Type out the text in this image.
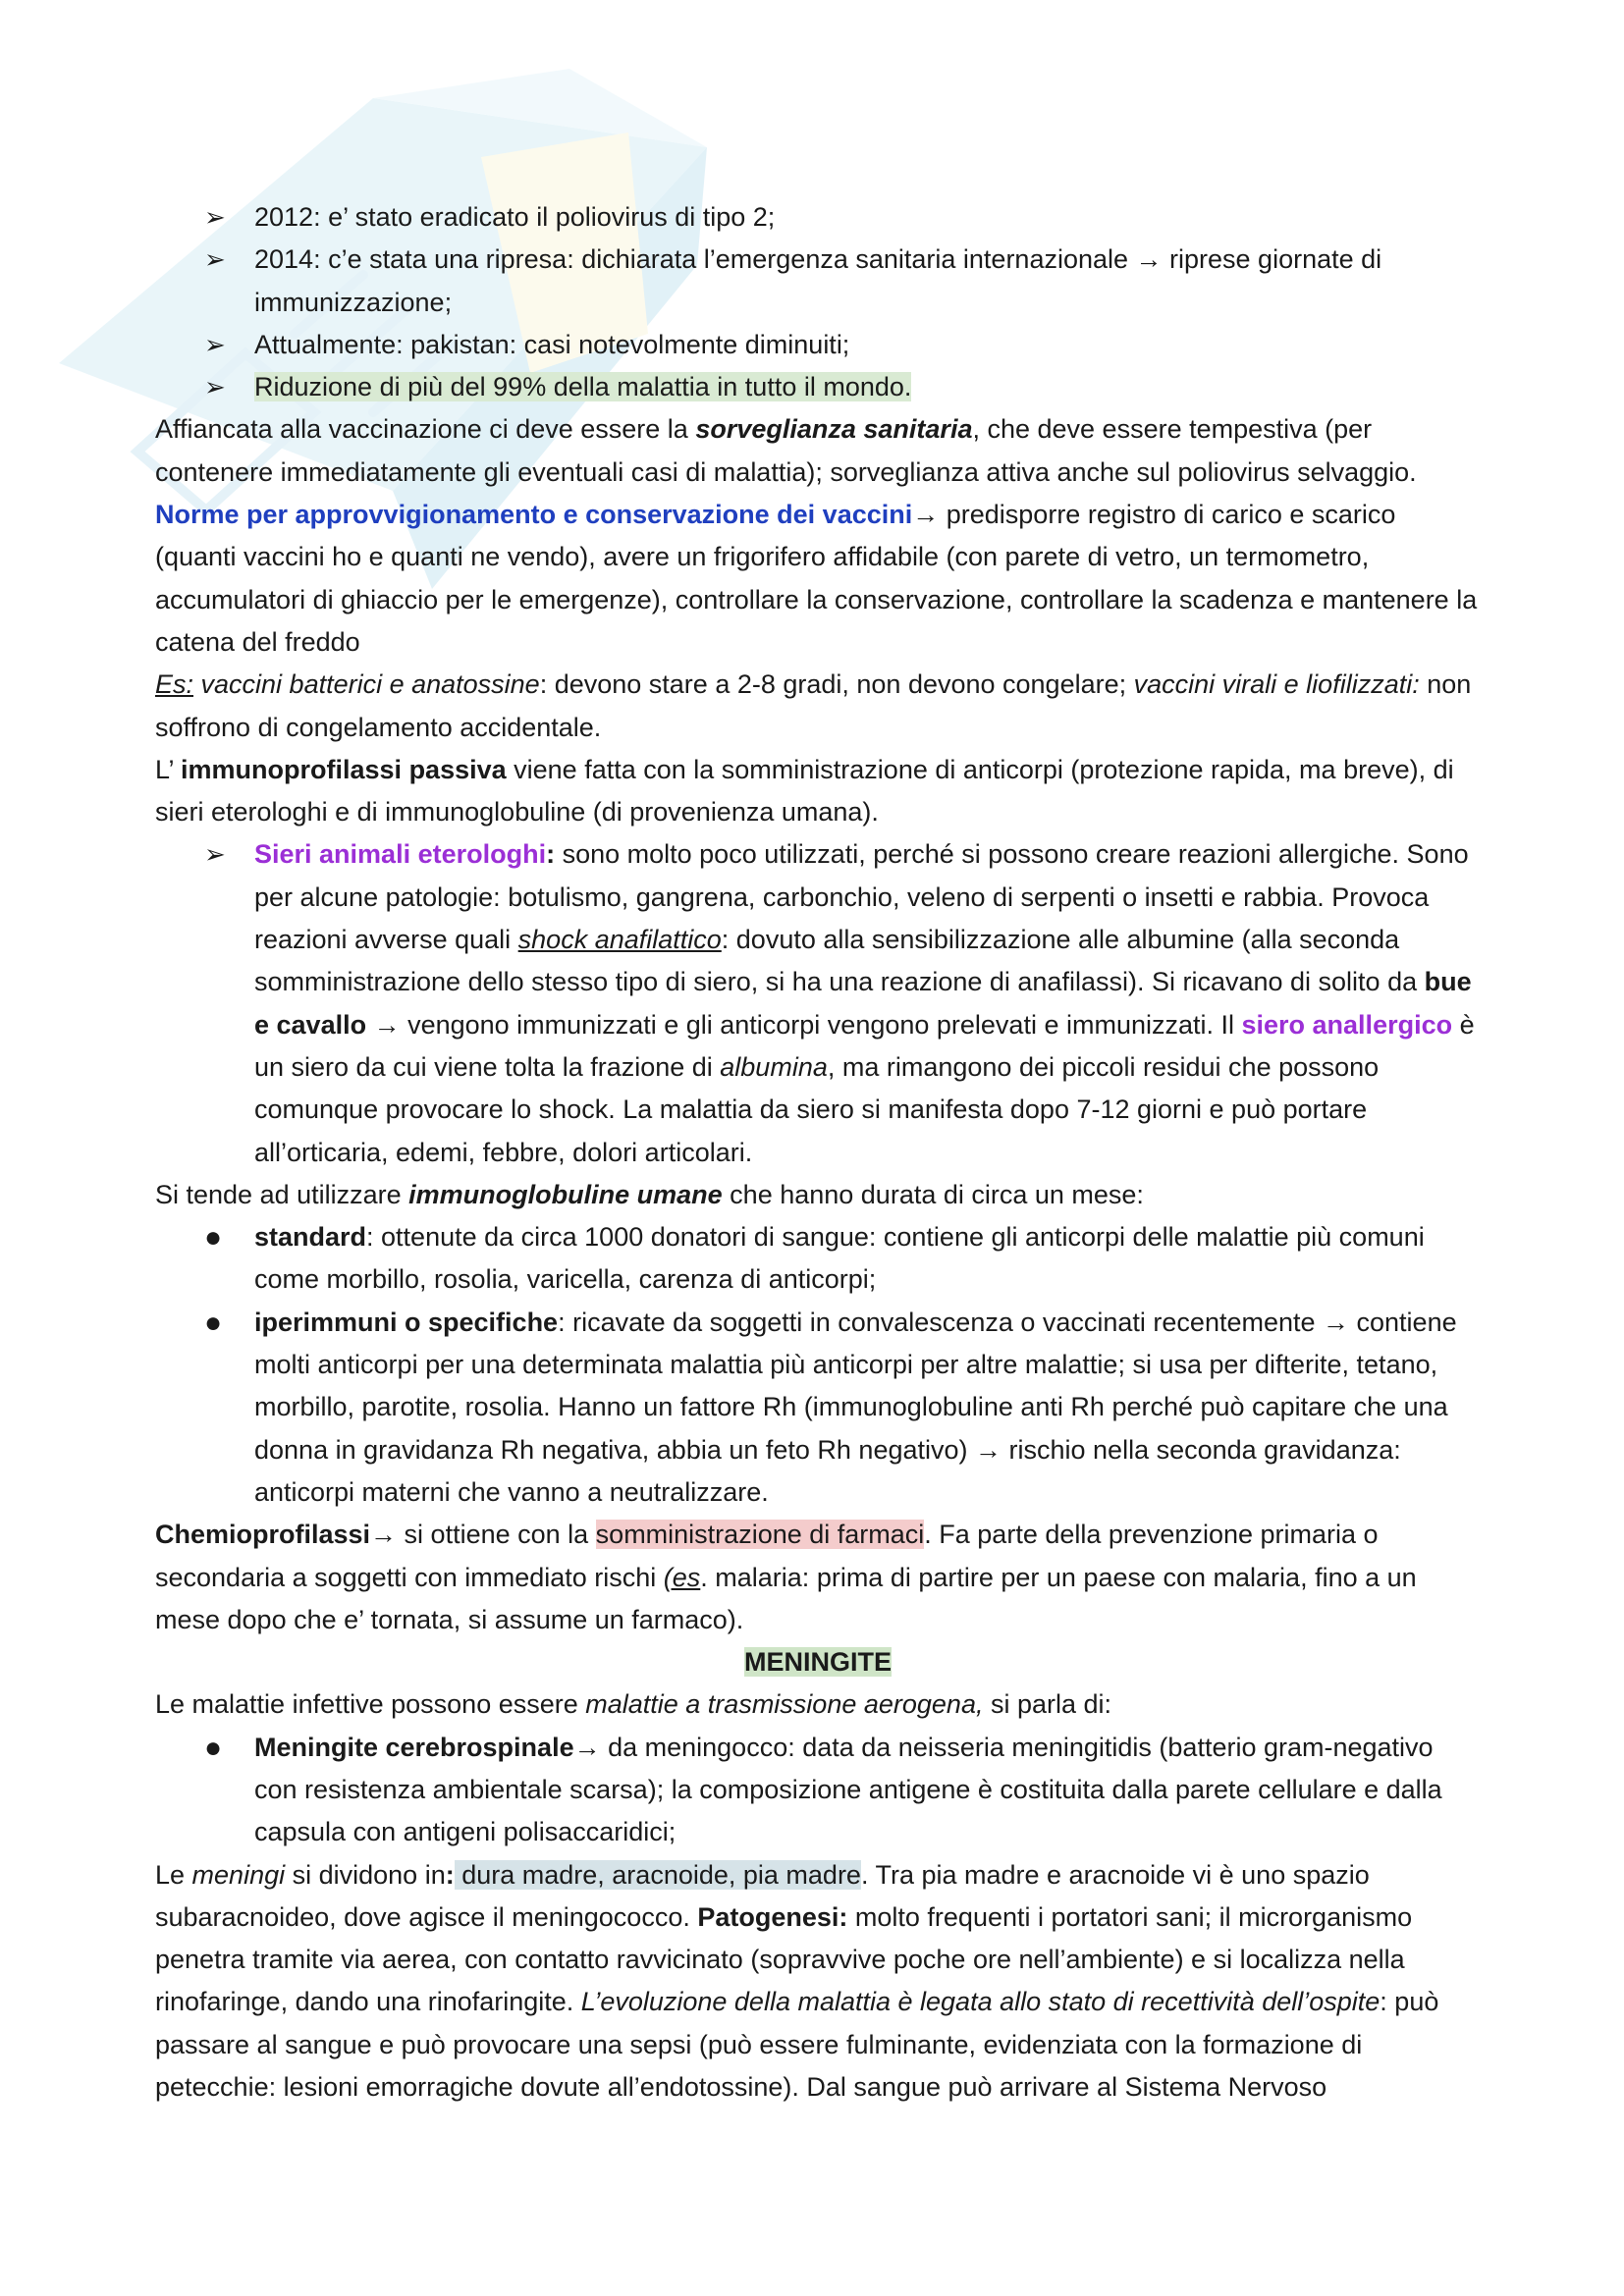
➢	2012: e’ stato eradicato il poliovirus di tipo 2;
➢	2014: c’e stata una ripresa: dichiarata l’emergenza sanitaria internazionale → riprese giornate di immunizzazione;
➢	Attualmente: pakistan: casi notevolmente diminuiti;
➢	Riduzione di più del 99% della malattia in tutto il mondo.

Affiancata alla vaccinazione ci deve essere la sorveglianza sanitaria, che deve essere tempestiva (per contenere immediatamente gli eventuali casi di malattia); sorveglianza attiva anche sul poliovirus selvaggio.

Norme per approvvigionamento e conservazione dei vaccini→ predisporre registro di carico e scarico (quanti vaccini ho e quanti ne vendo), avere un frigorifero affidabile (con parete di vetro, un termometro, accumulatori di ghiaccio per le emergenze), controllare la conservazione, controllare la scadenza e mantenere la catena del freddo

Es: vaccini batterici e anatossine: devono stare a 2-8 gradi, non devono congelare; vaccini virali e liofilizzati: non soffrono di congelamento accidentale.

L’ immunoprofilassi passiva viene fatta con la somministrazione di anticorpi (protezione rapida, ma breve), di sieri eterologhi e di immunoglobuline (di provenienza umana).

➢	Sieri animali eterologhi: sono molto poco utilizzati, perché si possono creare reazioni allergiche. Sono per alcune patologie: botulismo, gangrena, carbonchio, veleno di serpenti o insetti e rabbia. Provoca reazioni avverse quali shock anafilattico: dovuto alla sensibilizzazione alle albumine (alla seconda somministrazione dello stesso tipo di siero, si ha una reazione di anafilassi). Si ricavano di solito da bue e cavallo → vengono immunizzati e gli anticorpi vengono prelevati e immunizzati. Il siero anallergico è un siero da cui viene tolta la frazione di albumina, ma rimangono dei piccoli residui che possono comunque provocare lo shock. La malattia da siero si manifesta dopo 7-12 giorni e può portare all’orticaria, edemi, febbre, dolori articolari.

Si tende ad utilizzare immunoglobuline umane che hanno durata di circa un mese:

●	standard: ottenute da circa 1000 donatori di sangue: contiene gli anticorpi delle malattie più comuni come morbillo, rosolia, varicella, carenza di anticorpi;
●	iperimmuni o specifiche: ricavate da soggetti in convalescenza o vaccinati recentemente → contiene molti anticorpi per una determinata malattia più anticorpi per altre malattie; si usa per difterite, tetano, morbillo, parotite, rosolia. Hanno un fattore Rh (immunoglobuline anti Rh perché può capitare che una donna in gravidanza Rh negativa, abbia un feto Rh negativo) → rischio nella seconda gravidanza: anticorpi materni che vanno a neutralizzare.

Chemioprofilassi→ si ottiene con la somministrazione di farmaci. Fa parte della prevenzione primaria o secondaria a soggetti con immediato rischi (es. malaria: prima di partire per un paese con malaria, fino a un mese dopo che e’ tornata, si assume un farmaco).

MENINGITE

Le malattie infettive possono essere malattie a trasmissione aerogena, si parla di:

●	Meningite cerebrospinale→ da meningocco: data da neisseria meningitidis (batterio gram-negativo con resistenza ambientale scarsa); la composizione antigene è costituita dalla parete cellulare e dalla capsula con antigeni polisaccaridici;

Le meningi si dividono in: dura madre, aracnoide, pia madre. Tra pia madre e aracnoide vi è uno spazio subaracnoideo, dove agisce il meningococco. Patogenesi: molto frequenti i portatori sani; il microrganismo penetra tramite via aerea, con contatto ravvicinato (sopravvive poche ore nell’ambiente) e si localizza nella rinofaringe, dando una rinofaringite. L’evoluzione della malattia è legata allo stato di recettività dell’ospite: può passare al sangue e può provocare una sepsi (può essere fulminante, evidenziata con la formazione di petecchie: lesioni emorragiche dovute all’endotossine). Dal sangue può arrivare al Sistema Nervoso
